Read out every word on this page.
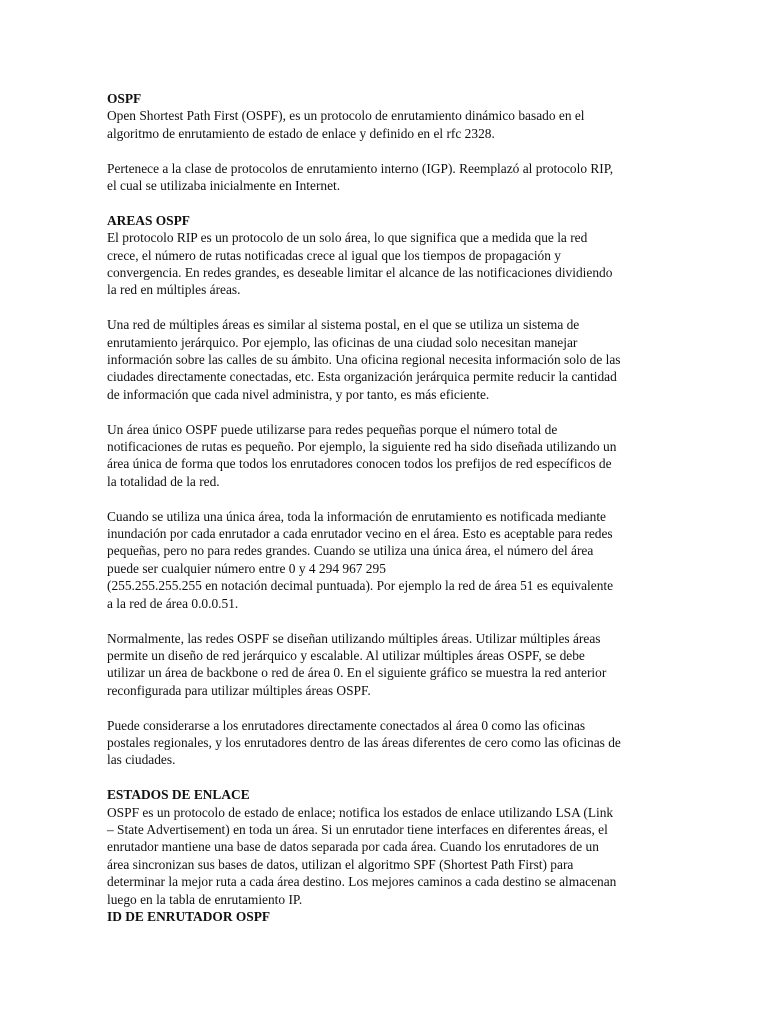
OSPF
Open Shortest Path First (OSPF), es un protocolo de enrutamiento dinámico basado en el
algoritmo de enrutamiento de estado de enlace y definido en el rfc 2328.
Pertenece a la clase de protocolos de enrutamiento interno (IGP). Reemplazó al protocolo RIP,
el cual se utilizaba inicialmente en Internet.
AREAS OSPF
El protocolo RIP es un protocolo de un solo área, lo que significa que a medida que la red
crece, el número de rutas notificadas crece al igual que los tiempos de propagación y
convergencia. En redes grandes, es deseable limitar el alcance de las notificaciones dividiendo
la red en múltiples áreas.
Una red de múltiples áreas es similar al sistema postal, en el que se utiliza un sistema de
enrutamiento jerárquico. Por ejemplo, las oficinas de una ciudad solo necesitan manejar
información sobre las calles de su ámbito. Una oficina regional necesita información solo de las
ciudades directamente conectadas, etc. Esta organización jerárquica permite reducir la cantidad
de información que cada nivel administra, y por tanto, es más eficiente.
Un área único OSPF puede utilizarse para redes pequeñas porque el número total de
notificaciones de rutas es pequeño. Por ejemplo, la siguiente red ha sido diseñada utilizando un
área única de forma que todos los enrutadores conocen todos los prefijos de red específicos de
la totalidad de la red.
Cuando se utiliza una única área, toda la información de enrutamiento es notificada mediante
inundación por cada enrutador a cada enrutador vecino en el área. Esto es aceptable para redes
pequeñas, pero no para redes grandes. Cuando se utiliza una única área, el número del área
puede ser cualquier número entre 0 y 4 294 967 295
(255.255.255.255 en notación decimal puntuada). Por ejemplo la red de área 51 es equivalente
a la red de área 0.0.0.51.
Normalmente, las redes OSPF se diseñan utilizando múltiples áreas. Utilizar múltiples áreas
permite un diseño de red jerárquico y escalable. Al utilizar múltiples áreas OSPF, se debe
utilizar un área de backbone o red de área 0. En el siguiente gráfico se muestra la red anterior
reconfigurada para utilizar múltiples áreas OSPF.
Puede considerarse a los enrutadores directamente conectados al área 0 como las oficinas
postales regionales, y los enrutadores dentro de las áreas diferentes de cero como las oficinas de
las ciudades.
ESTADOS DE ENLACE
OSPF es un protocolo de estado de enlace; notifica los estados de enlace utilizando LSA (Link
– State Advertisement) en toda un área. Si un enrutador tiene interfaces en diferentes áreas, el
enrutador mantiene una base de datos separada por cada área. Cuando los enrutadores de un
área sincronizan sus bases de datos, utilizan el algoritmo SPF (Shortest Path First) para
determinar la mejor ruta a cada área destino. Los mejores caminos a cada destino se almacenan
luego en la tabla de enrutamiento IP.
ID DE ENRUTADOR OSPF
